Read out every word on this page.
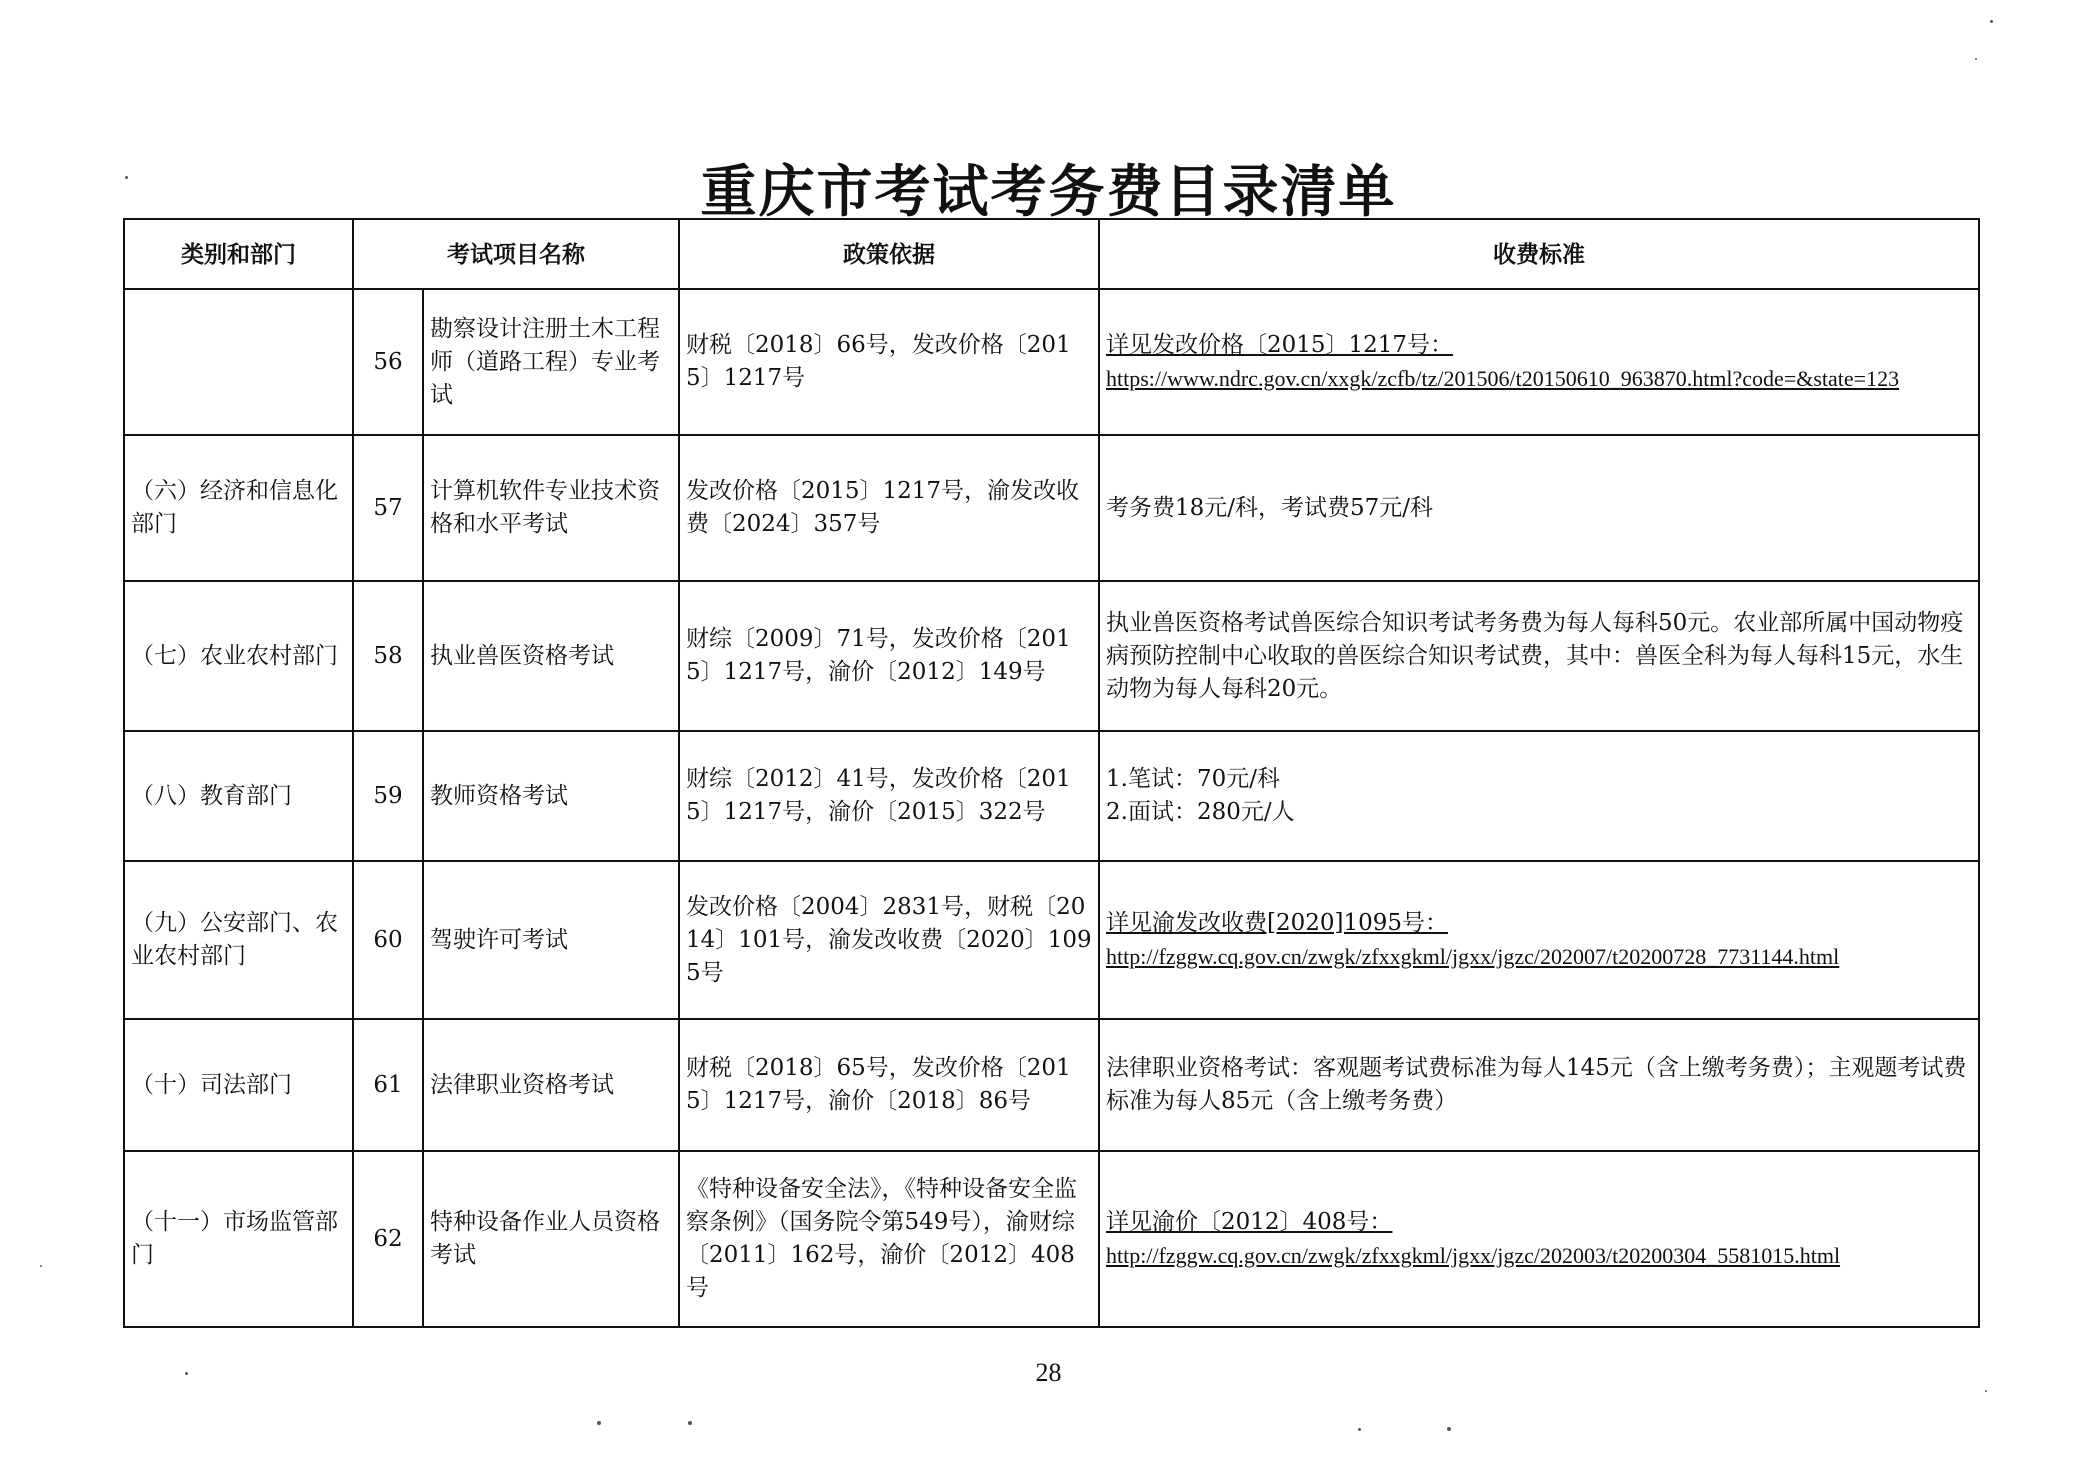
重庆市考试考务费目录清单
类别和部门	考试项目名称		政策依据	收费标准
	56	勘察设计注册土木工程师（道路工程）专业考试	财税〔2018〕66号，发改价格〔2015〕1217号	详见发改价格〔2015〕1217号：
https://www.ndrc.gov.cn/xxgk/zcfb/tz/201506/t20150610_963870.html?code=&state=123

（六）经济和信息化部门	57	计算机软件专业技术资格和水平考试	发改价格〔2015〕1217号，渝发改收费〔2024〕357号	考务费18元/科，考试费57元/科
（七）农业农村部门	58	执业兽医资格考试	财综〔2009〕71号，发改价格〔2015〕1217号，渝价〔2012〕149号	执业兽医资格考试兽医综合知识考试考务费为每人每科50元。农业部所属中国动物疫病预防控制中心收取的兽医综合知识考试费，其中：兽医全科为每人每科15元，水生动物为每人每科20元。
（八）教育部门	59	教师资格考试	财综〔2012〕41号，发改价格〔2015〕1217号，渝价〔2015〕322号	1.笔试：70元/科
2.面试：280元/人

（九）公安部门、农业农村部门	60	驾驶许可考试	发改价格〔2004〕2831号，财税〔2014〕101号，渝发改收费〔2020〕1095号	详见渝发改收费[2020]1095号：
http://fzggw.cq.gov.cn/zwgk/zfxxgkml/jgxx/jgzc/202007/t20200728_7731144.html

（十）司法部门	61	法律职业资格考试	财税〔2018〕65号，发改价格〔2015〕1217号，渝价〔2018〕86号	法律职业资格考试：客观题考试费标准为每人145元（含上缴考务费）；主观题考试费标准为每人85元（含上缴考务费）
（十一）市场监管部门	62	特种设备作业人员资格考试	《特种设备安全法》，《特种设备安全监察条例》（国务院令第549号），渝财综〔2011〕162号，渝价〔2012〕408号	详见渝价〔2012〕408号：
http://fzggw.cq.gov.cn/zwgk/zfxxgkml/jgxx/jgzc/202003/t20200304_5581015.html
28
